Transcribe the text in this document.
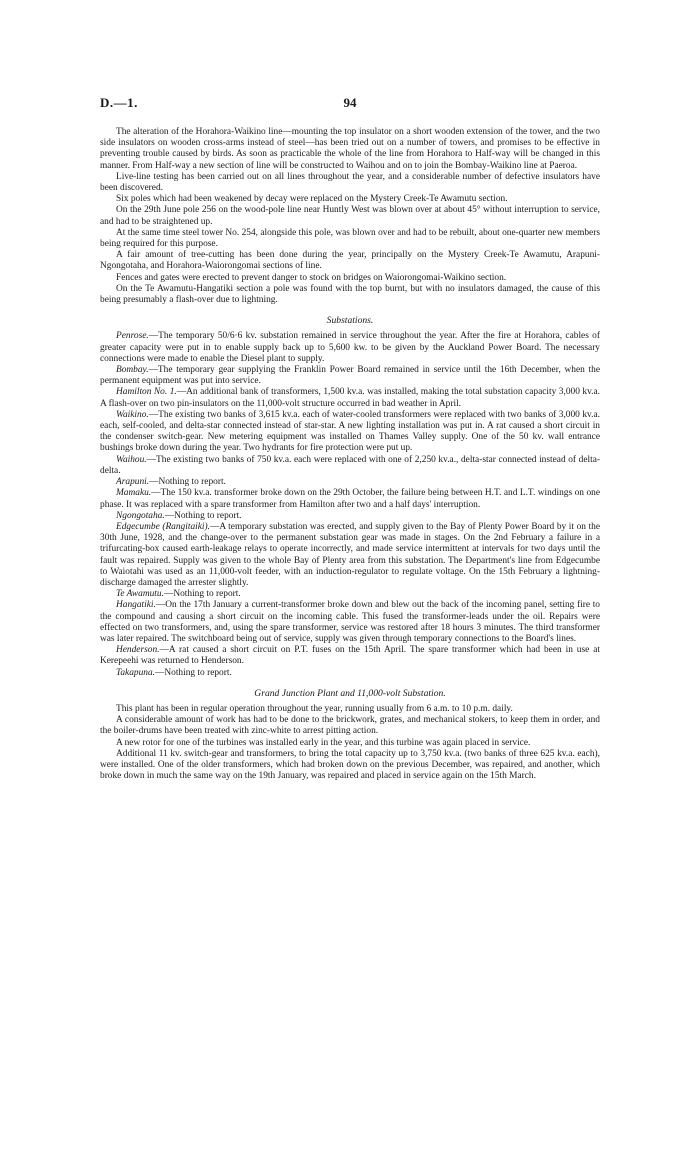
D.—1.	94

The alteration of the Horahora-Waikino line—mounting the top insulator on a short wooden extension of the tower, and the two side insulators on wooden cross-arms instead of steel—has been tried out on a number of towers, and promises to be effective in preventing trouble caused by birds. As soon as practicable the whole of the line from Horahora to Half-way will be changed in this manner. From Half-way a new section of line will be constructed to Waihou and on to join the Bombay-Waikino line at Paeroa.

Live-line testing has been carried out on all lines throughout the year, and a considerable number of defective insulators have been discovered.

Six poles which had been weakened by decay were replaced on the Mystery Creek-Te Awamutu section.

On the 29th June pole 256 on the wood-pole line near Huntly West was blown over at about 45° without interruption to service, and had to be straightened up.

At the same time steel tower No. 254, alongside this pole, was blown over and had to be rebuilt, about one-quarter new members being required for this purpose.

A fair amount of tree-cutting has been done during the year, principally on the Mystery Creek-Te Awamutu, Arapuni-Ngongotaha, and Horahora-Waiorongomai sections of line.

Fences and gates were erected to prevent danger to stock on bridges on Waiorongomai-Waikino section.

On the Te Awamutu-Hangatiki section a pole was found with the top burnt, but with no insulators damaged, the cause of this being presumably a flash-over due to lightning.

Substations.

Penrose.—The temporary 50/6·6 kv. substation remained in service throughout the year. After the fire at Horahora, cables of greater capacity were put in to enable supply back up to 5,600 kw. to be given by the Auckland Power Board. The necessary connections were made to enable the Diesel plant to supply.

Bombay.—The temporary gear supplying the Franklin Power Board remained in service until the 16th December, when the permanent equipment was put into service.

Hamilton No. 1.—An additional bank of transformers, 1,500 kv.a. was installed, making the total substation capacity 3,000 kv.a. A flash-over on two pin-insulators on the 11,000-volt structure occurred in bad weather in April.

Waikino.—The existing two banks of 3,615 kv.a. each of water-cooled transformers were replaced with two banks of 3,000 kv.a. each, self-cooled, and delta-star connected instead of star-star. A new lighting installation was put in. A rat caused a short circuit in the condenser switch-gear. New metering equipment was installed on Thames Valley supply. One of the 50 kv. wall entrance bushings broke down during the year. Two hydrants for fire protection were put up.

Waihou.—The existing two banks of 750 kv.a. each were replaced with one of 2,250 kv.a., delta-star connected instead of delta-delta.

Arapuni.—Nothing to report.

Mamaku.—The 150 kv.a. transformer broke down on the 29th October, the failure being between H.T. and L.T. windings on one phase. It was replaced with a spare transformer from Hamilton after two and a half days' interruption.

Ngongotaha.—Nothing to report.

Edgecumbe (Rangitaiki).—A temporary substation was erected, and supply given to the Bay of Plenty Power Board by it on the 30th June, 1928, and the change-over to the permanent substation gear was made in stages. On the 2nd February a failure in a trifurcating-box caused earth-leakage relays to operate incorrectly, and made service intermittent at intervals for two days until the fault was repaired. Supply was given to the whole Bay of Plenty area from this substation. The Department's line from Edgecumbe to Waiotahi was used as an 11,000-volt feeder, with an induction-regulator to regulate voltage. On the 15th February a lightning-discharge damaged the arrester slightly.

Te Awamutu.—Nothing to report.

Hangatiki.—On the 17th January a current-transformer broke down and blew out the back of the incoming panel, setting fire to the compound and causing a short circuit on the incoming cable. This fused the transformer-leads under the oil. Repairs were effected on two transformers, and, using the spare transformer, service was restored after 18 hours 3 minutes. The third transformer was later repaired. The switchboard being out of service, supply was given through temporary connections to the Board's lines.

Henderson.—A rat caused a short circuit on P.T. fuses on the 15th April. The spare transformer which had been in use at Kerepeehi was returned to Henderson.

Takapuna.—Nothing to report.

Grand Junction Plant and 11,000-volt Substation.

This plant has been in regular operation throughout the year, running usually from 6 a.m. to 10 p.m. daily.

A considerable amount of work has had to be done to the brickwork, grates, and mechanical stokers, to keep them in order, and the boiler-drums have been treated with zinc-white to arrest pitting action.

A new rotor for one of the turbines was installed early in the year, and this turbine was again placed in service.

Additional 11 kv. switch-gear and transformers, to bring the total capacity up to 3,750 kv.a. (two banks of three 625 kv.a. each), were installed. One of the older transformers, which had broken down on the previous December, was repaired, and another, which broke down in much the same way on the 19th January, was repaired and placed in service again on the 15th March.
